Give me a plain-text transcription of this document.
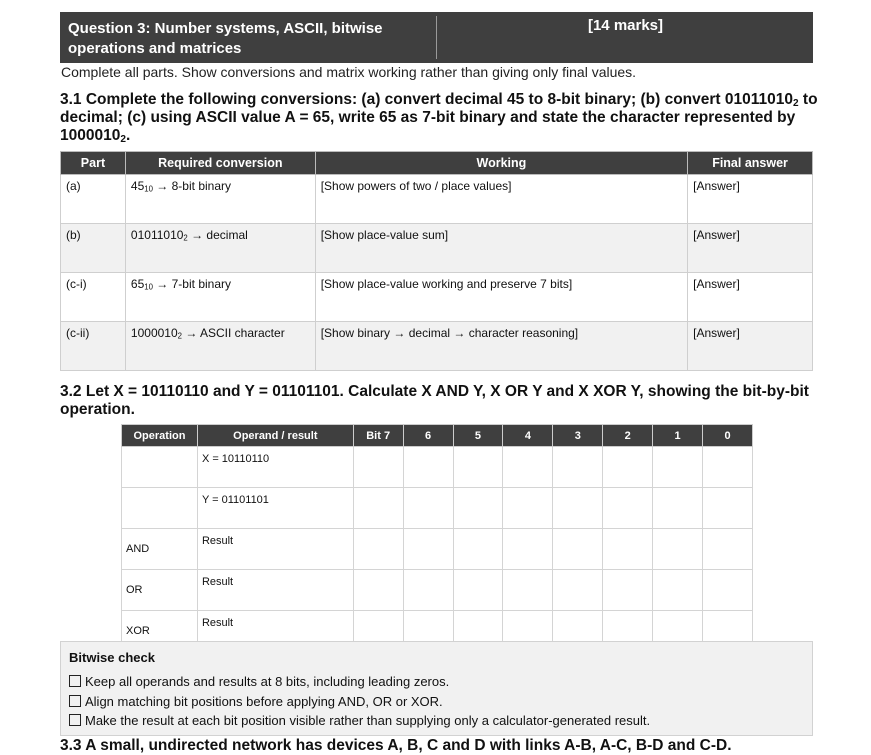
Question 3: Number systems, ASCII, bitwise operations and matrices
[14 marks]
Complete all parts. Show conversions and matrix working rather than giving only final values.
3.1 Complete the following conversions: (a) convert decimal 45 to 8-bit binary; (b) convert $01011010_2$ to decimal; (c) using ASCII value A = 65, write 65 as 7-bit binary and state the character represented by $1000010_2$.
Part	Required conversion	Working	Final answer
(a)	$45_{10} \to 8-bit$ binary	[Show powers of two / place values]	[Answer]
(b)	$01011010_2$ → decimal	[Show place-value sum]	[Answer]
(c-i)	$65_{10} \to 7-bit$ binary	[Show place-value working and preserve 7 bits]	[Answer]
(c-ii)	$1000010_2$ → ASCII character	[Show binary → decimal → character reasoning]	[Answer]
3.2 Let X = 10110110 and Y = 01101101. Calculate X AND Y, X OR Y and X XOR Y, showing the bit-by-bit operation.
Operation	Operand / result	Bit 7	6	5	4	3	2	1	0
	X = 10110110								
	Y = 01101101								
AND	Result								
OR	Result								
XOR	Result								
Bitwise check
Keep all operands and results at 8 bits, including leading zeros.
Align matching bit positions before applying AND, OR or XOR.
Make the result at each bit position visible rather than supplying only a calculator-generated result.
3.3 A small, undirected network has devices A, B, C and D with links A-B, A-C, B-D and C-D.
